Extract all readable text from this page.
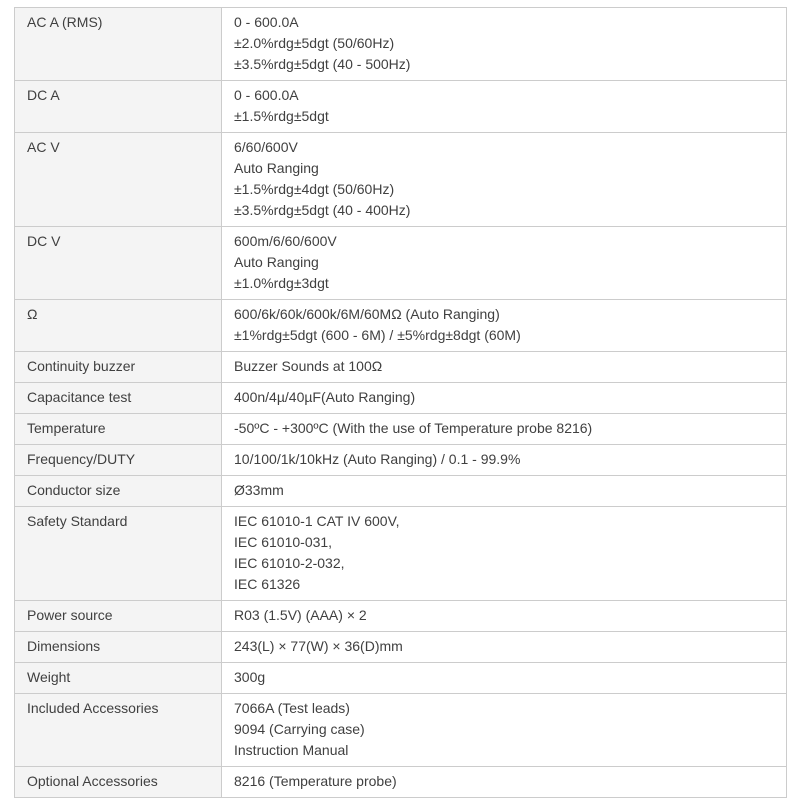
AC A (RMS)	0 - 600.0A
±2.0%rdg±5dgt (50/60Hz)
±3.5%rdg±5dgt (40 - 500Hz)

DC A	0 - 600.0A
±1.5%rdg±5dgt

AC V	6/60/600V
Auto Ranging
±1.5%rdg±4dgt (50/60Hz)
±3.5%rdg±5dgt (40 - 400Hz)

DC V	600m/6/60/600V
Auto Ranging
±1.0%rdg±3dgt

Ω	600/6k/60k/600k/6M/60MΩ (Auto Ranging)
±1%rdg±5dgt (600 - 6M) / ±5%rdg±8dgt (60M)

Continuity buzzer	Buzzer Sounds at 100Ω

Capacitance test	400n/4µ/40µF(Auto Ranging)

Temperature	-50ºC - +300ºC (With the use of Temperature probe 8216)

Frequency/DUTY	10/100/1k/10kHz (Auto Ranging) / 0.1 - 99.9%

Conductor size	Ø33mm

Safety Standard	IEC 61010-1 CAT IV 600V,
IEC 61010-031,
IEC 61010-2-032,
IEC 61326

Power source	R03 (1.5V) (AAA) × 2

Dimensions	243(L) × 77(W) × 36(D)mm

Weight	300g

Included Accessories	7066A (Test leads)
9094 (Carrying case)
Instruction Manual

Optional Accessories	8216 (Temperature probe)
